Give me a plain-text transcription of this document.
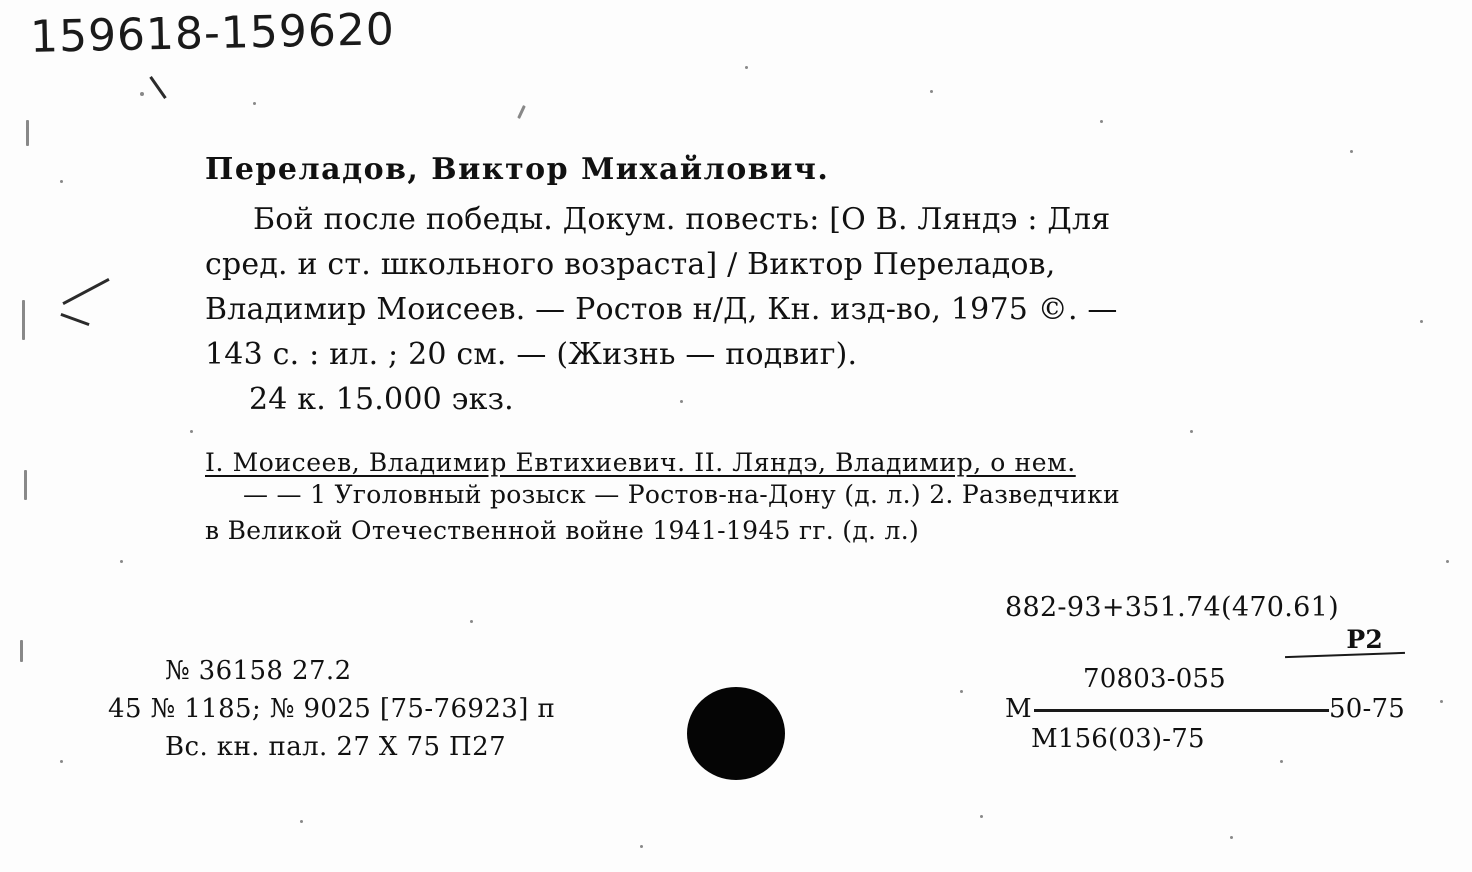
159618-159620
Переладов, Виктор Михайлович.
Бой после победы. Докум. повесть: [О В. Ляндэ : Для
сред. и ст. школьного возраста] / Виктор Переладов,
Владимир Моисеев. — Ростов н/Д, Кн. изд-во, 1975 ©. —
143 с. : ил. ; 20 см. — (Жизнь — подвиг).
24 к. 15.000 экз.
I. Моисеев, Владимир Евтихиевич. II. Ляндэ, Владимир, о нем.
— — 1 Уголовный розыск — Ростов-на-Дону (д. л.) 2. Разведчики
в Великой Отечественной войне 1941-1945 гг. (д. л.)
№ 36158 27.2
45 № 1185; № 9025 [75-76923] п
Вс. кн. пал. 27 X 75 П27
882-93+351.74(470.61)
Р2
70803-055
М	50-75
М156(03)-75
